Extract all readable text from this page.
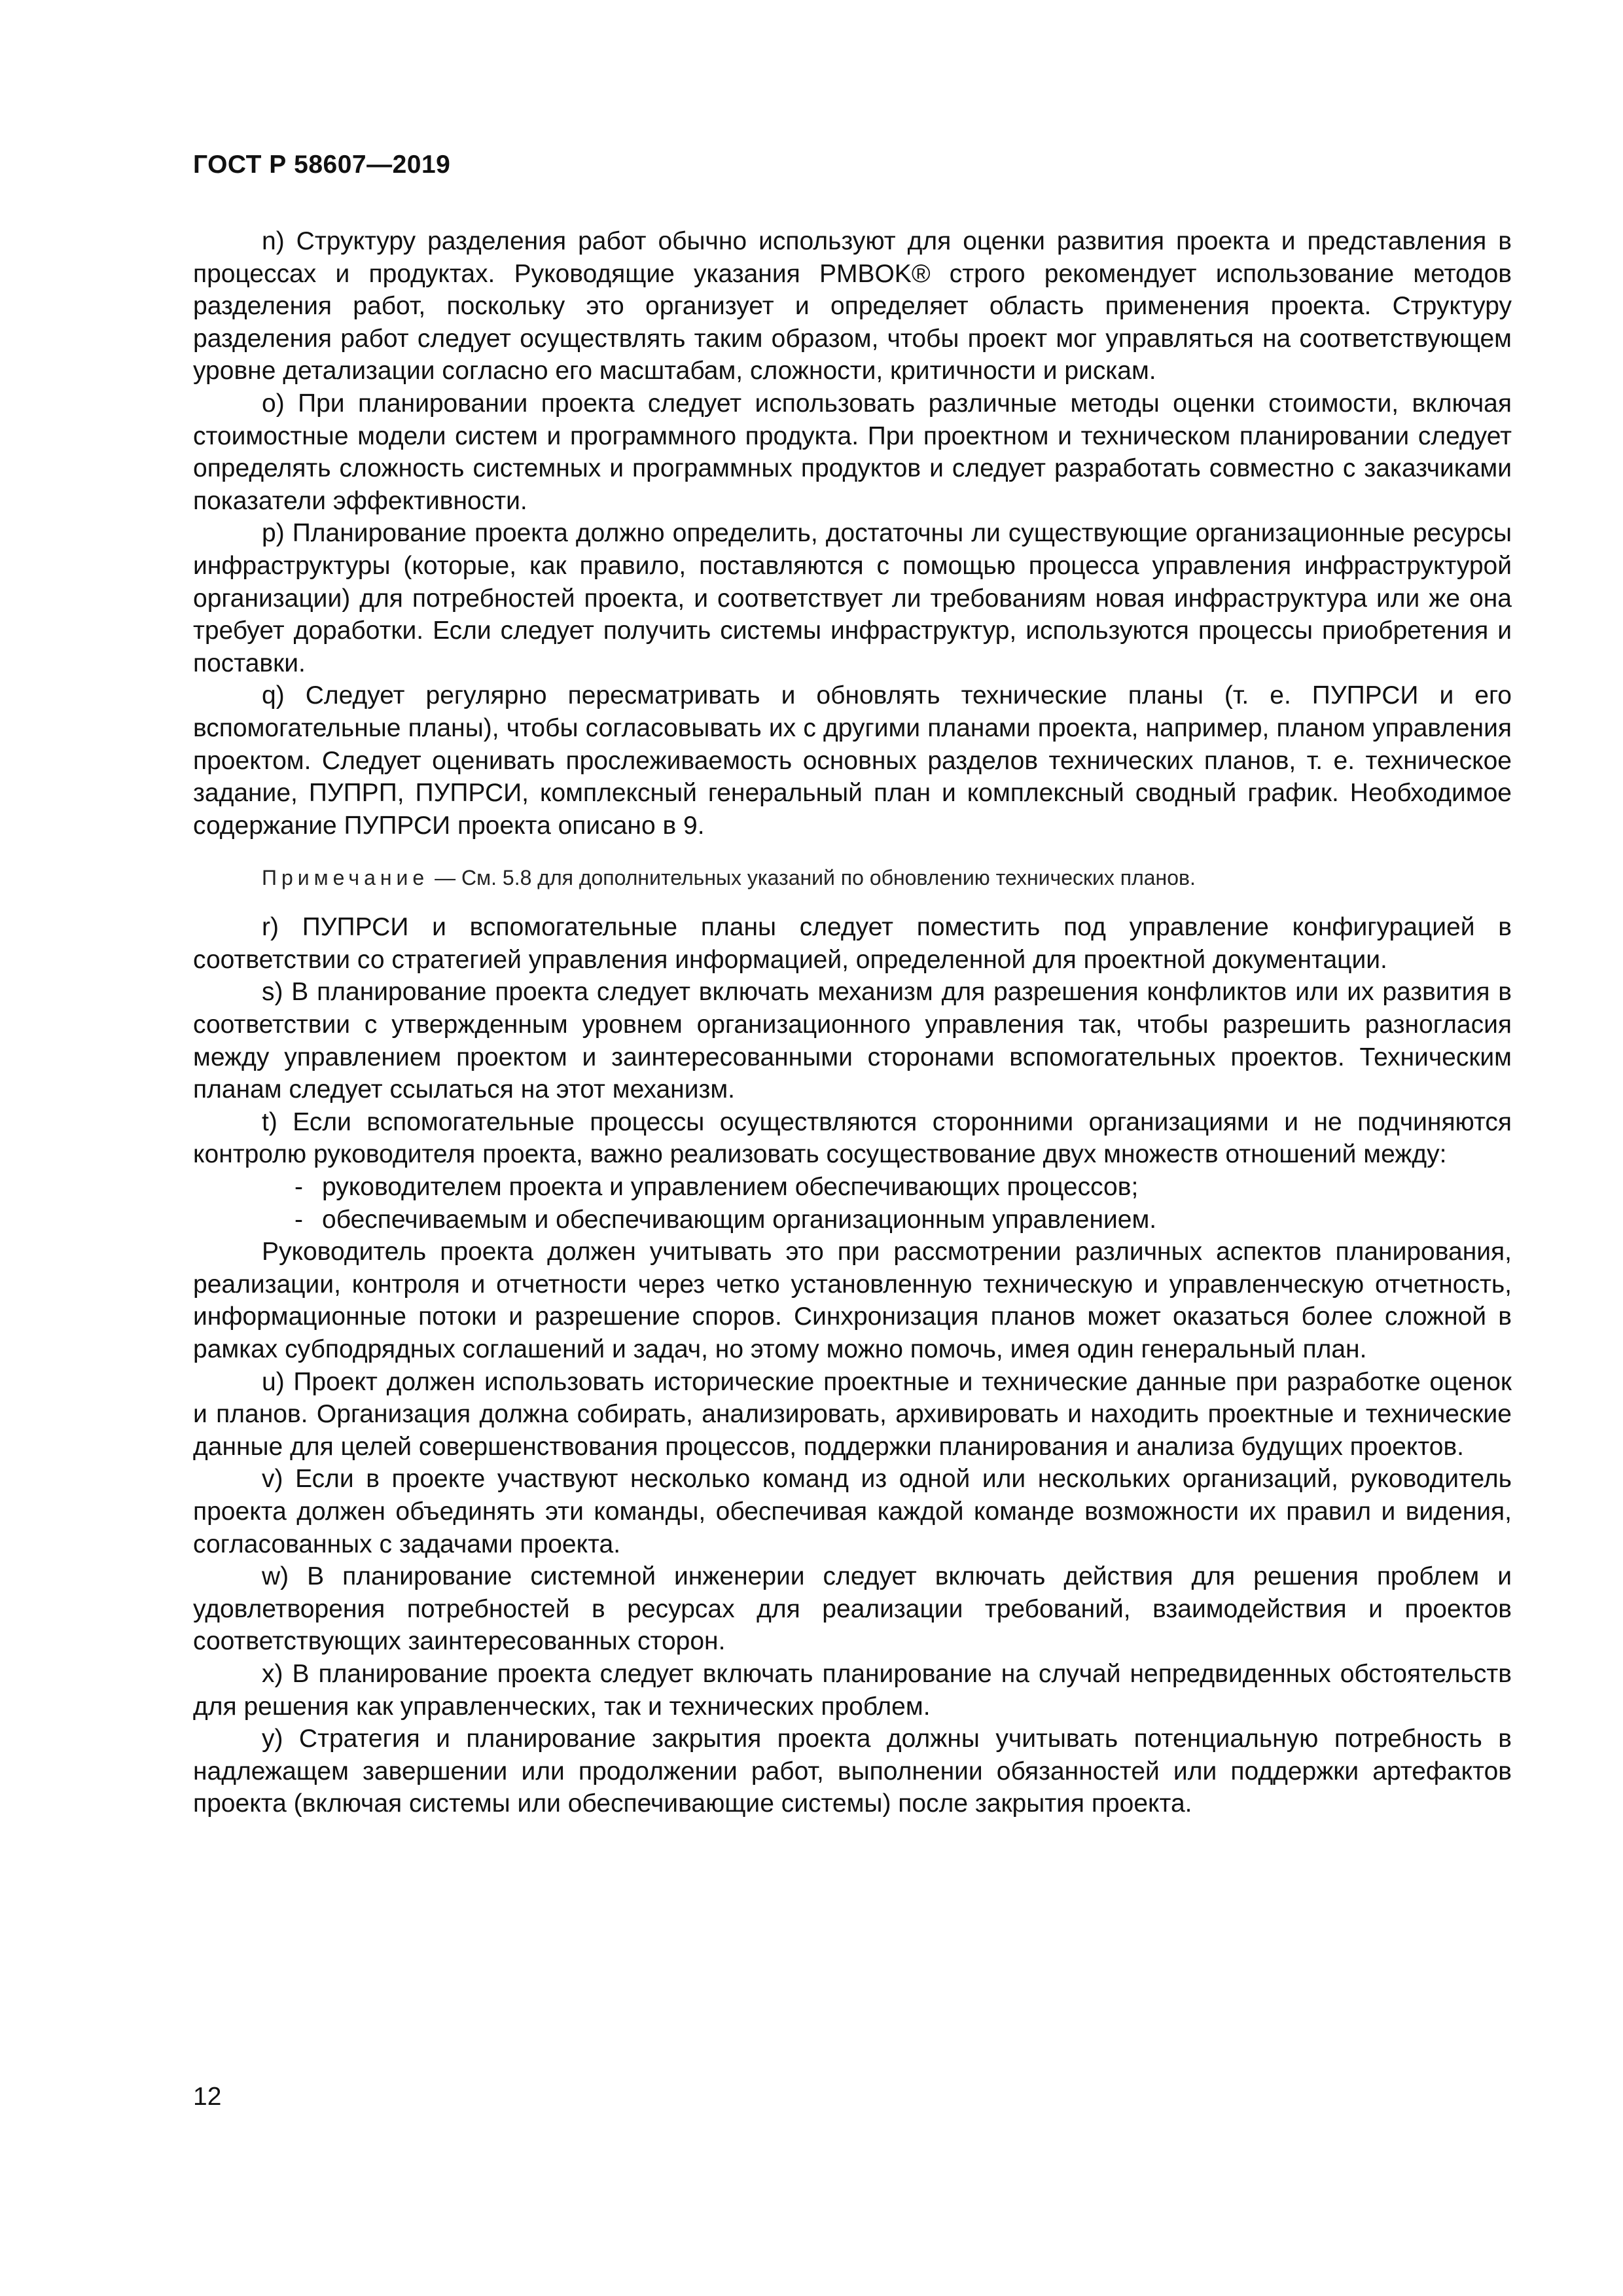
ГОСТ Р 58607—2019

n) Структуру разделения работ обычно используют для оценки развития проекта и представления в процессах и продуктах. Руководящие указания PMBOK® строго рекомендует использование методов разделения работ, поскольку это организует и определяет область применения проекта. Структуру разделения работ следует осуществлять таким образом, чтобы проект мог управляться на соответствующем уровне детализации согласно его масштабам, сложности, критичности и рискам.

o) При планировании проекта следует использовать различные методы оценки стоимости, включая стоимостные модели систем и программного продукта. При проектном и техническом планировании следует определять сложность системных и программных продуктов и следует разработать совместно с заказчиками показатели эффективности.

p) Планирование проекта должно определить, достаточны ли существующие организационные ресурсы инфраструктуры (которые, как правило, поставляются с помощью процесса управления инфраструктурой организации) для потребностей проекта, и соответствует ли требованиям новая инфраструктура или же она требует доработки. Если следует получить системы инфраструктур, используются процессы приобретения и поставки.

q) Следует регулярно пересматривать и обновлять технические планы (т. е. ПУПРСИ и его вспомогательные планы), чтобы согласовывать их с другими планами проекта, например, планом управления проектом. Следует оценивать прослеживаемость основных разделов технических планов, т. е. техническое задание, ПУПРП, ПУПРСИ, комплексный генеральный план и комплексный сводный график. Необходимое содержание ПУПРСИ проекта описано в 9.

Примечание — См. 5.8 для дополнительных указаний по обновлению технических планов.

r) ПУПРСИ и вспомогательные планы следует поместить под управление конфигурацией в соответствии со стратегией управления информацией, определенной для проектной документации.

s) В планирование проекта следует включать механизм для разрешения конфликтов или их развития в соответствии с утвержденным уровнем организационного управления так, чтобы разрешить разногласия между управлением проектом и заинтересованными сторонами вспомогательных проектов. Техническим планам следует ссылаться на этот механизм.

t) Если вспомогательные процессы осуществляются сторонними организациями и не подчиняются контролю руководителя проекта, важно реализовать сосуществование двух множеств отношений между:

- руководителем проекта и управлением обеспечивающих процессов;
- обеспечиваемым и обеспечивающим организационным управлением.

Руководитель проекта должен учитывать это при рассмотрении различных аспектов планирования, реализации, контроля и отчетности через четко установленную техническую и управленческую отчетность, информационные потоки и разрешение споров. Синхронизация планов может оказаться более сложной в рамках субподрядных соглашений и задач, но этому можно помочь, имея один генеральный план.

u) Проект должен использовать исторические проектные и технические данные при разработке оценок и планов. Организация должна собирать, анализировать, архивировать и находить проектные и технические данные для целей совершенствования процессов, поддержки планирования и анализа будущих проектов.

v) Если в проекте участвуют несколько команд из одной или нескольких организаций, руководитель проекта должен объединять эти команды, обеспечивая каждой команде возможности их правил и видения, согласованных с задачами проекта.

w) В планирование системной инженерии следует включать действия для решения проблем и удовлетворения потребностей в ресурсах для реализации требований, взаимодействия и проектов соответствующих заинтересованных сторон.

x) В планирование проекта следует включать планирование на случай непредвиденных обстоятельств для решения как управленческих, так и технических проблем.

y) Стратегия и планирование закрытия проекта должны учитывать потенциальную потребность в надлежащем завершении или продолжении работ, выполнении обязанностей или поддержки артефактов проекта (включая системы или обеспечивающие системы) после закрытия проекта.

12
